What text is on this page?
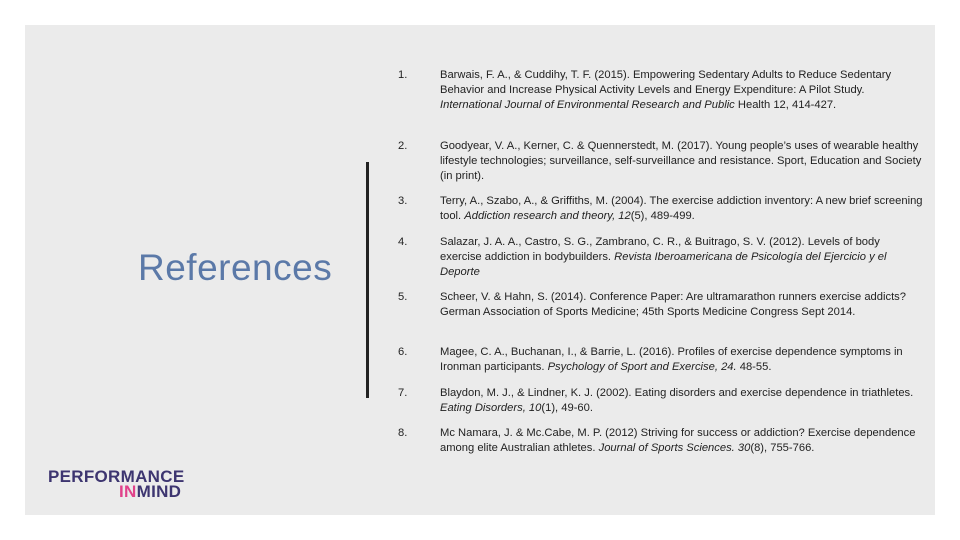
References
PERFORMANCE
INMIND
1.	Barwais, F. A., & Cuddihy, T. F. (2015). Empowering Sedentary Adults to Reduce Sedentary Behavior and Increase Physical Activity Levels and Energy Expenditure: A Pilot Study. International Journal of Environmental Research and Public Health 12, 414-427.
2.	Goodyear, V. A., Kerner, C. & Quennerstedt, M. (2017). Young people’s uses of wearable healthy lifestyle technologies; surveillance, self-surveillance and resistance. Sport, Education and Society (in print).
3.	Terry, A., Szabo, A., & Griffiths, M. (2004). The exercise addiction inventory: A new brief screening tool. Addiction research and theory, 12(5), 489-499.
4.	Salazar, J. A. A., Castro, S. G., Zambrano, C. R., & Buitrago, S. V. (2012). Levels of body exercise addiction in bodybuilders. Revista Iberoamericana de Psicología del Ejercicio y el Deporte
5.	Scheer, V. & Hahn, S. (2014). Conference Paper: Are ultramarathon runners exercise addicts? German Association of Sports Medicine; 45th Sports Medicine Congress Sept 2014.
6.	Magee, C. A., Buchanan, I., & Barrie, L. (2016). Profiles of exercise dependence symptoms in Ironman participants. Psychology of Sport and Exercise, 24. 48-55.
7.	Blaydon, M. J., & Lindner, K. J. (2002). Eating disorders and exercise dependence in triathletes. Eating Disorders, 10(1), 49-60.
8.	Mc Namara, J. & Mc.Cabe, M. P. (2012) Striving for success or addiction? Exercise dependence among elite Australian athletes. Journal of Sports Sciences. 30(8), 755-766.
